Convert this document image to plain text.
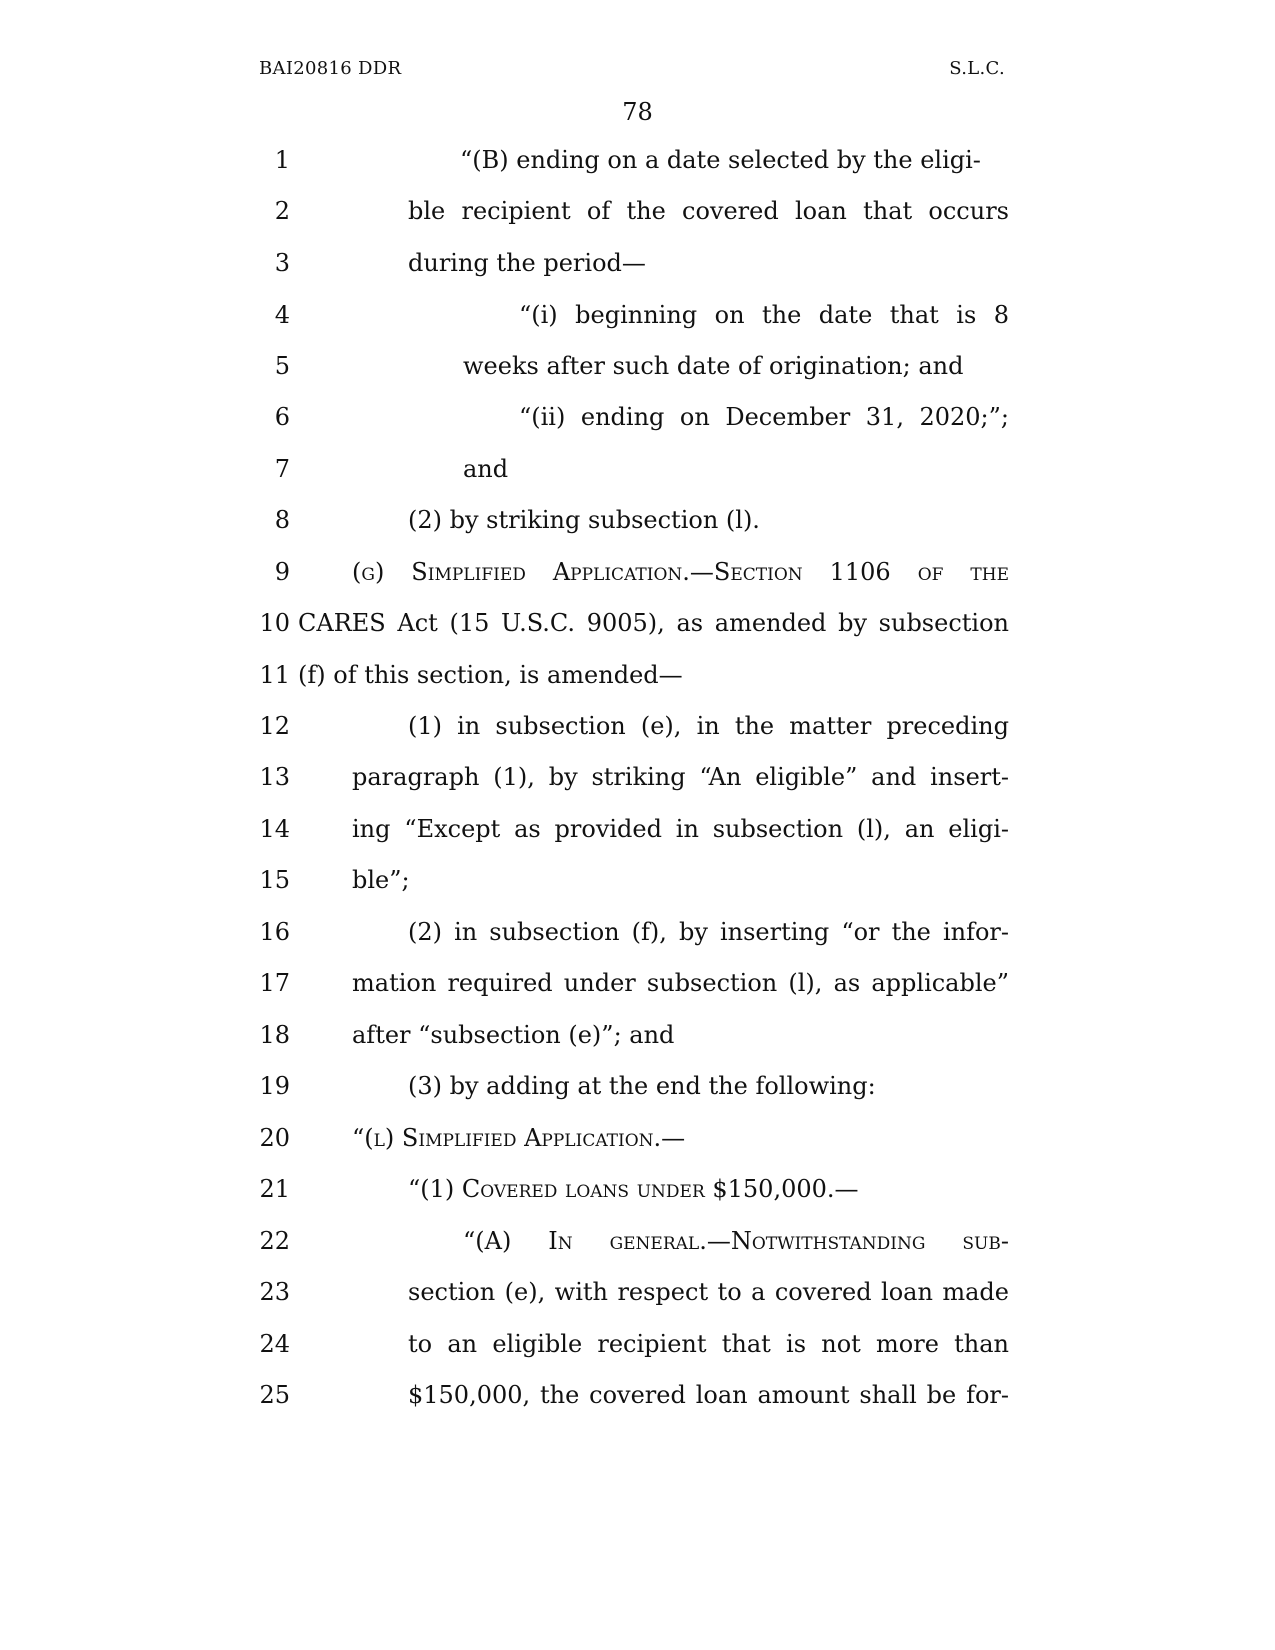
BAI20816 DDR	S.L.C.
78
1	“(B) ending on a date selected by the eligi-
2	ble recipient of the covered loan that occurs
3	during the period—
4	“(i) beginning on the date that is 8
5	weeks after such date of origination; and
6	“(ii) ending on December 31, 2020;”;
7	and
8	(2) by striking subsection (l).
9	(g) Simplified Application.—Section 1106 of the
10 CARES Act (15 U.S.C. 9005), as amended by subsection
11 (f) of this section, is amended—
12	(1) in subsection (e), in the matter preceding
13	paragraph (1), by striking “An eligible” and insert-
14	ing “Except as provided in subsection (l), an eligi-
15	ble”;
16	(2) in subsection (f), by inserting “or the infor-
17	mation required under subsection (l), as applicable”
18	after “subsection (e)”; and
19	(3) by adding at the end the following:
20	“(l) Simplified Application.—
21	“(1) Covered loans under $150,000.—
22	“(A) In general.—Notwithstanding sub-
23	section (e), with respect to a covered loan made
24	to an eligible recipient that is not more than
25	$150,000, the covered loan amount shall be for-
